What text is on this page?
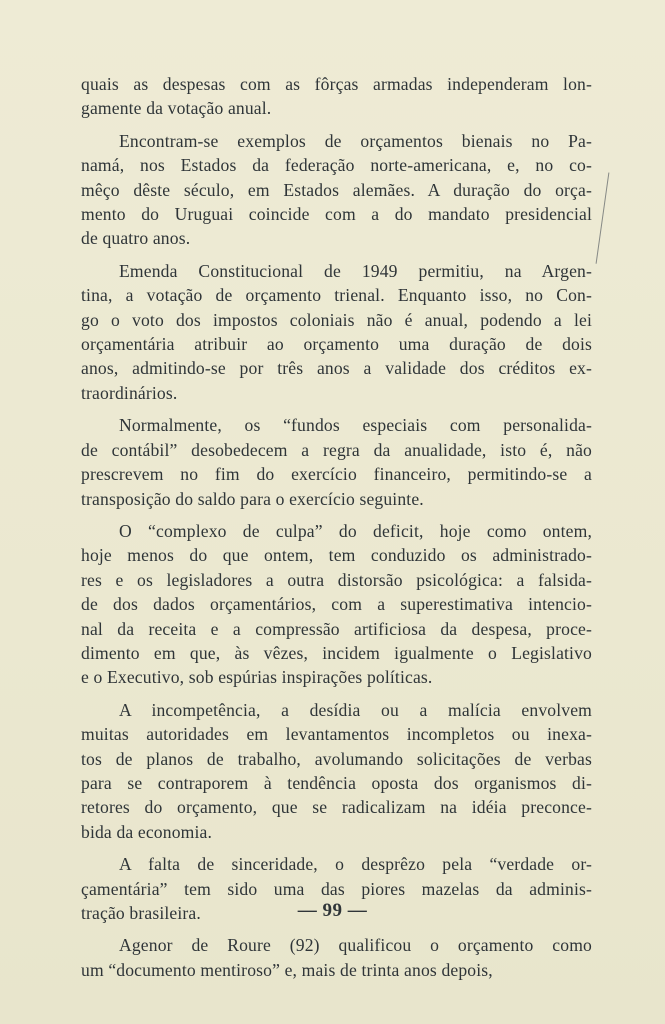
quais as despesas com as fôrças armadas independeram lon-
gamente da votação anual.
Encontram-se exemplos de orçamentos bienais no Pa-
namá, nos Estados da federação norte-americana, e, no co-
mêço dêste século, em Estados alemães. A duração do orça-
mento do Uruguai coincide com a do mandato presidencial
de quatro anos.
Emenda Constitucional de 1949 permitiu, na Argen-
tina, a votação de orçamento trienal. Enquanto isso, no Con-
go o voto dos impostos coloniais não é anual, podendo a lei
orçamentária atribuir ao orçamento uma duração de dois
anos, admitindo-se por três anos a validade dos créditos ex-
traordinários.
Normalmente, os “fundos especiais com personalida-
de contábil” desobedecem a regra da anualidade, isto é, não
prescrevem no fim do exercício financeiro, permitindo-se a
transposição do saldo para o exercício seguinte.
O “complexo de culpa” do deficit, hoje como ontem,
hoje menos do que ontem, tem conduzido os administrado-
res e os legisladores a outra distorsão psicológica: a falsida-
de dos dados orçamentários, com a superestimativa intencio-
nal da receita e a compressão artificiosa da despesa, proce-
dimento em que, às vêzes, incidem igualmente o Legislativo
e o Executivo, sob espúrias inspirações políticas.
A incompetência, a desídia ou a malícia envolvem
muitas autoridades em levantamentos incompletos ou inexa-
tos de planos de trabalho, avolumando solicitações de verbas
para se contraporem à tendência oposta dos organismos di-
retores do orçamento, que se radicalizam na idéia preconce-
bida da economia.
A falta de sinceridade, o desprêzo pela “verdade or-
çamentária” tem sido uma das piores mazelas da adminis-
tração brasileira.
Agenor de Roure (92) qualificou o orçamento como
um “documento mentiroso” e, mais de trinta anos depois,
— 99 —
